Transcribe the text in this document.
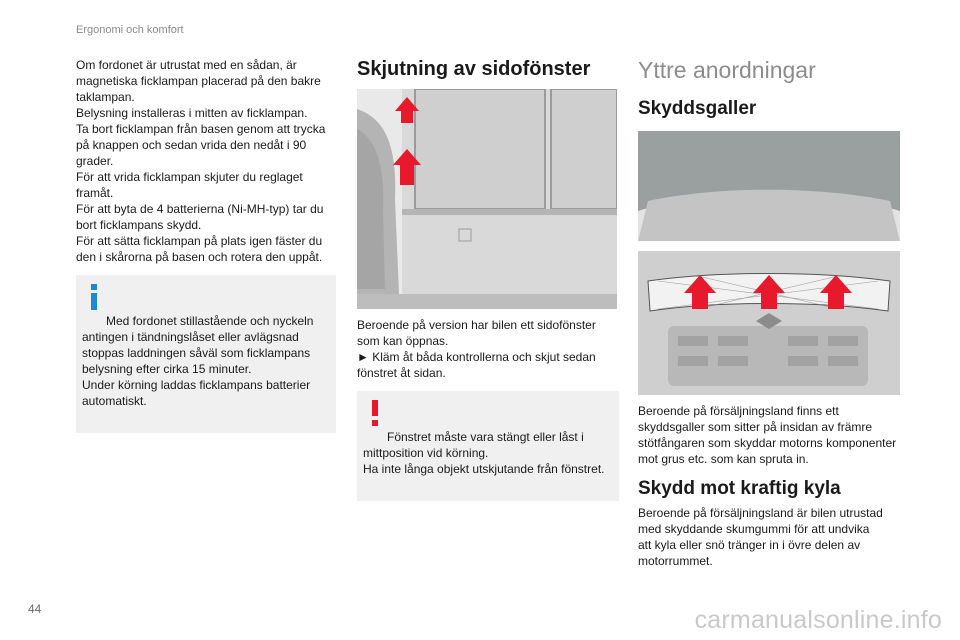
Ergonomi och komfort

Om fordonet är utrustat med en sådan, är
magnetiska ficklampan placerad på den bakre
taklampan.
Belysning installeras i mitten av ficklampan.
Ta bort ficklampan från basen genom att trycka
på knappen och sedan vrida den nedåt i 90
grader.
För att vrida ficklampan skjuter du reglaget
framåt.
För att byta de 4 batterierna (Ni-MH-typ) tar du
bort ficklampans skydd.
För att sätta ficklampan på plats igen fäster du
den i skårorna på basen och rotera den uppåt.

Med fordonet stillastående och nyckeln
antingen i tändningslåset eller avlägsnad
stoppas laddningen såväl som ficklampans
belysning efter cirka 15 minuter.
Under körning laddas ficklampans batterier
automatiskt.

Skjutning av sidofönster

Beroende på version har bilen ett sidofönster
som kan öppnas.
► Kläm åt båda kontrollerna och skjut sedan
fönstret åt sidan.

Fönstret måste vara stängt eller låst i
mittposition vid körning.
Ha inte långa objekt utskjutande från fönstret.

Yttre anordningar
Skyddsgaller

Beroende på försäljningsland finns ett
skyddsgaller som sitter på insidan av främre
stötfångaren som skyddar motorns komponenter
mot grus etc. som kan spruta in.

Skydd mot kraftig kyla

Beroende på försäljningsland är bilen utrustad
med skyddande skumgummi för att undvika
att kyla eller snö tränger in i övre delen av
motorrummet.

44	carmanualsonline.info
